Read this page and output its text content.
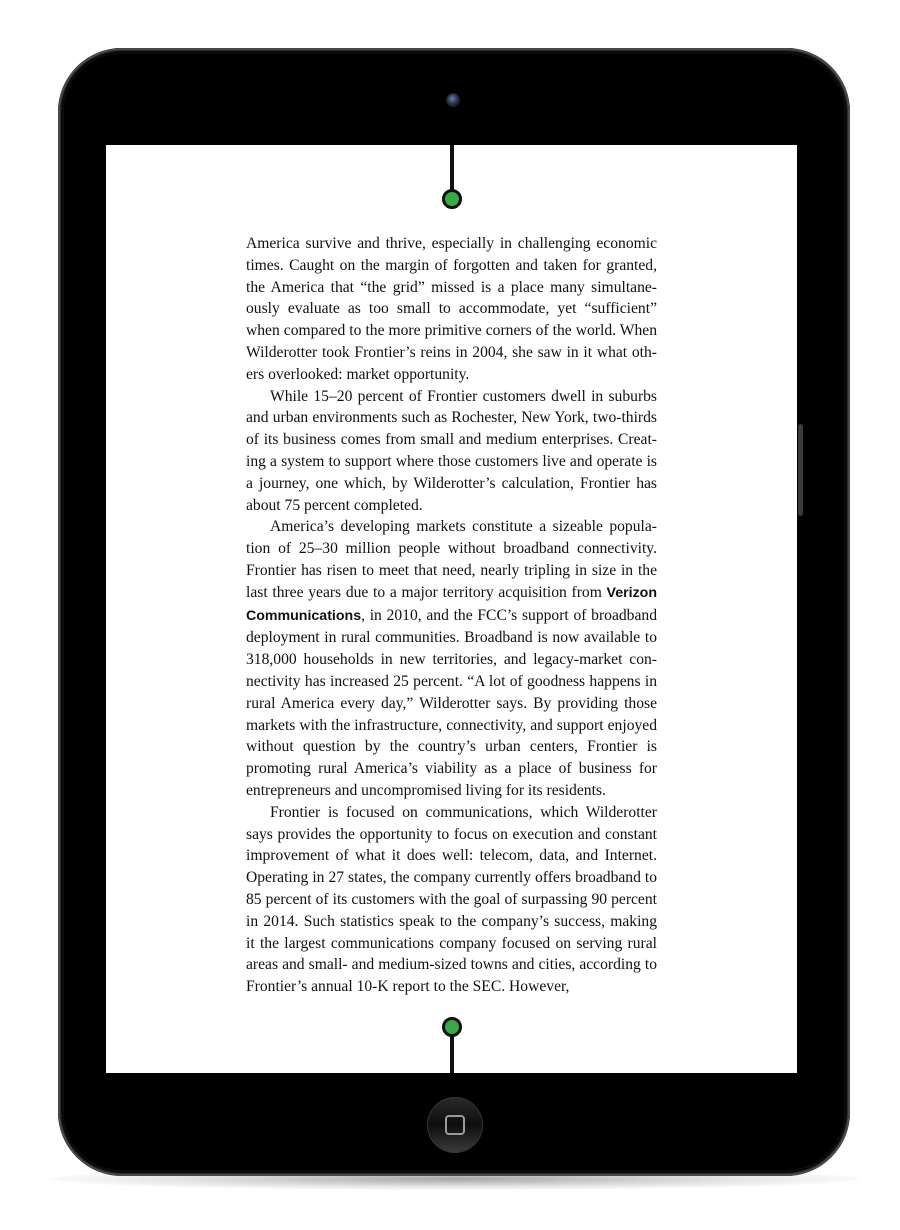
America survive and thrive, especially in challenging economic times. Caught on the margin of forgotten and taken for granted, the America that “the grid” missed is a place many simultaneously evaluate as too small to accommodate, yet “sufficient” when compared to the more primitive corners of the world. When Wilderotter took Frontier’s reins in 2004, she saw in it what others overlooked: market opportunity.

While 15–20 percent of Frontier customers dwell in suburbs and urban environments such as Rochester, New York, two-thirds of its business comes from small and medium enterprises. Creating a system to support where those customers live and operate is a journey, one which, by Wilderotter’s calculation, Frontier has about 75 percent completed.

America’s developing markets constitute a sizeable population of 25–30 million people without broadband connectivity. Frontier has risen to meet that need, nearly tripling in size in the last three years due to a major territory acquisition from Verizon Communications, in 2010, and the FCC’s support of broadband deployment in rural communities. Broadband is now available to 318,000 households in new territories, and legacy-market connectivity has increased 25 percent. “A lot of goodness happens in rural America every day,” Wilderotter says. By providing those markets with the infrastructure, connectivity, and support enjoyed without question by the country’s urban centers, Frontier is promoting rural America’s viability as a place of business for entrepreneurs and uncompromised living for its residents.

Frontier is focused on communications, which Wilderotter says provides the opportunity to focus on execution and constant improvement of what it does well: telecom, data, and Internet. Operating in 27 states, the company currently offers broadband to 85 percent of its customers with the goal of surpassing 90 percent in 2014. Such statistics speak to the company’s success, making it the largest communications company focused on serving rural areas and small- and medium-sized towns and cities, according to Frontier’s annual 10-K report to the SEC. However,
